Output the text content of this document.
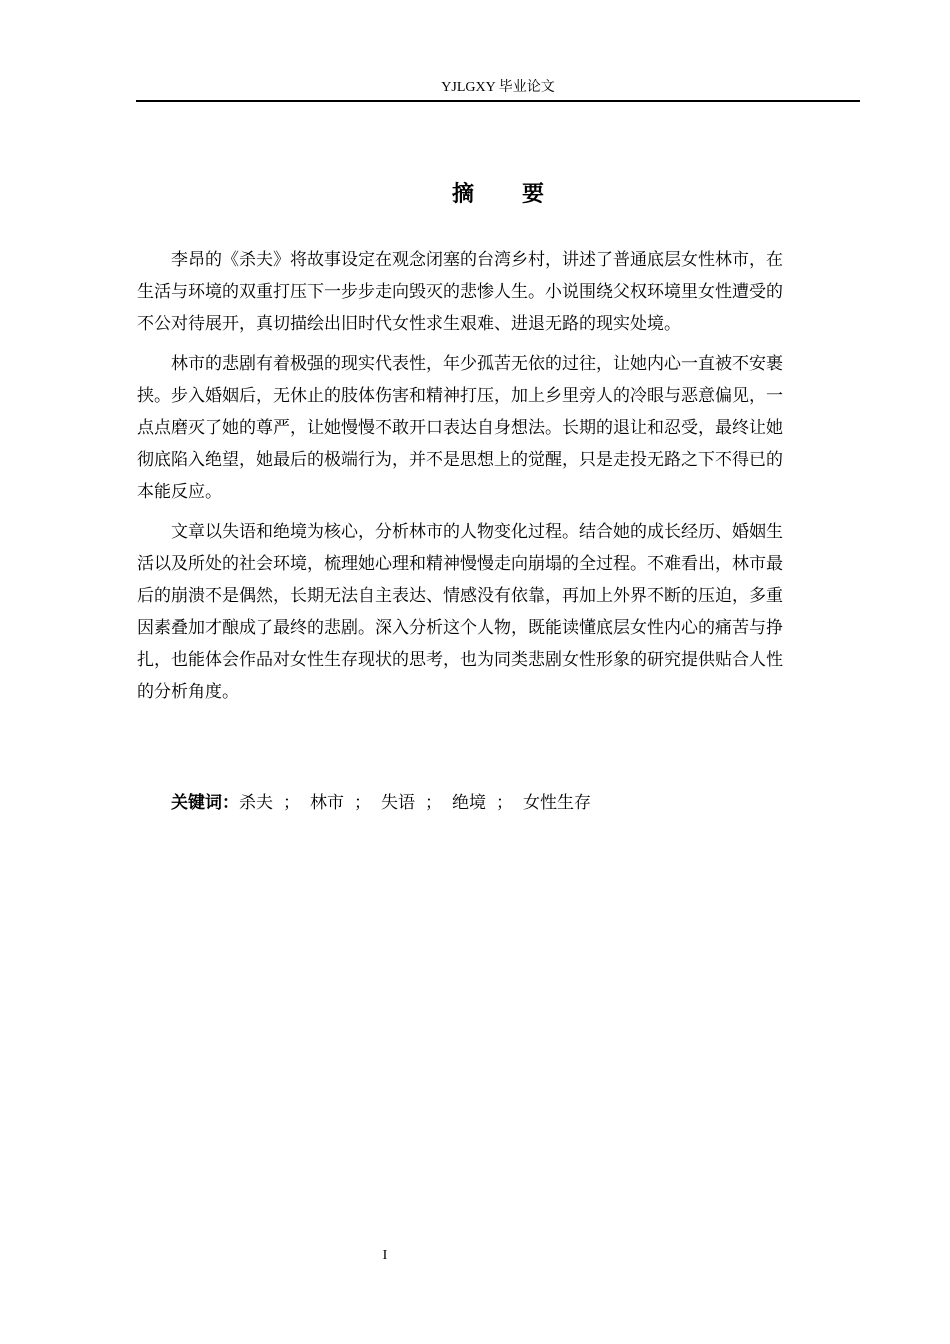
YJLGXY 毕业论文
摘要

李昂的《杀夫》将故事设定在观念闭塞的台湾乡村，讲述了普通底层女性林市，在生活与环境的双重打压下一步步走向毁灭的悲惨人生。小说围绕父权环境里女性遭受的不公对待展开，真切描绘出旧时代女性求生艰难、进退无路的现实处境。

林市的悲剧有着极强的现实代表性，年少孤苦无依的过往，让她内心一直被不安裹挟。步入婚姻后，无休止的肢体伤害和精神打压，加上乡里旁人的冷眼与恶意偏见，一点点磨灭了她的尊严，让她慢慢不敢开口表达自身想法。长期的退让和忍受，最终让她彻底陷入绝望，她最后的极端行为，并不是思想上的觉醒，只是走投无路之下不得已的本能反应。

文章以失语和绝境为核心，分析林市的人物变化过程。结合她的成长经历、婚姻生活以及所处的社会环境，梳理她心理和精神慢慢走向崩塌的全过程。不难看出，林市最后的崩溃不是偶然，长期无法自主表达、情感没有依靠，再加上外界不断的压迫，多重因素叠加才酿成了最终的悲剧。深入分析这个人物，既能读懂底层女性内心的痛苦与挣扎，也能体会作品对女性生存现状的思考，也为同类悲剧女性形象的研究提供贴合人性的分析角度。

关键词：杀夫 ； 林市 ； 失语 ； 绝境 ； 女性生存
I
